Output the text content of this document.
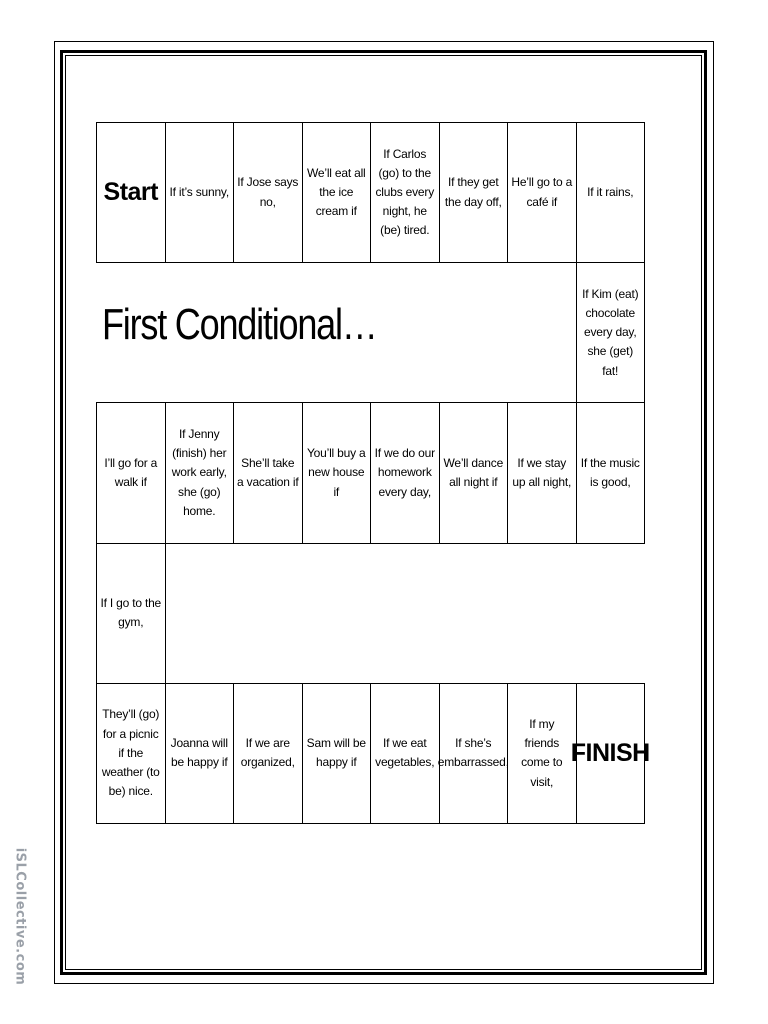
First Conditional…
Start If it’s sunny,
If Jose says no,
We’ll eat all the ice cream if
If Carlos (go) to the clubs every night, he (be) tired.
If they get the day off,
He’ll go to a café if
If it rains,
If Kim (eat) chocolate every day, she (get) fat!
I’ll go for a walk if
If Jenny (finish) her work early, she (go) home.
She’ll take a vacation if
You’ll buy a new house if
If we do our homework every day,
We’ll dance all night if
If we stay up all night,
If the music is good,
If I go to the gym,
They’ll (go) for a picnic if the weather (to be) nice.
Joanna will be happy if
If we are organized,
Sam will be happy if
If we eat vegetables,
If she’s embarrassed,
If my friends come to visit,
FINISH
iSLCollective.com
